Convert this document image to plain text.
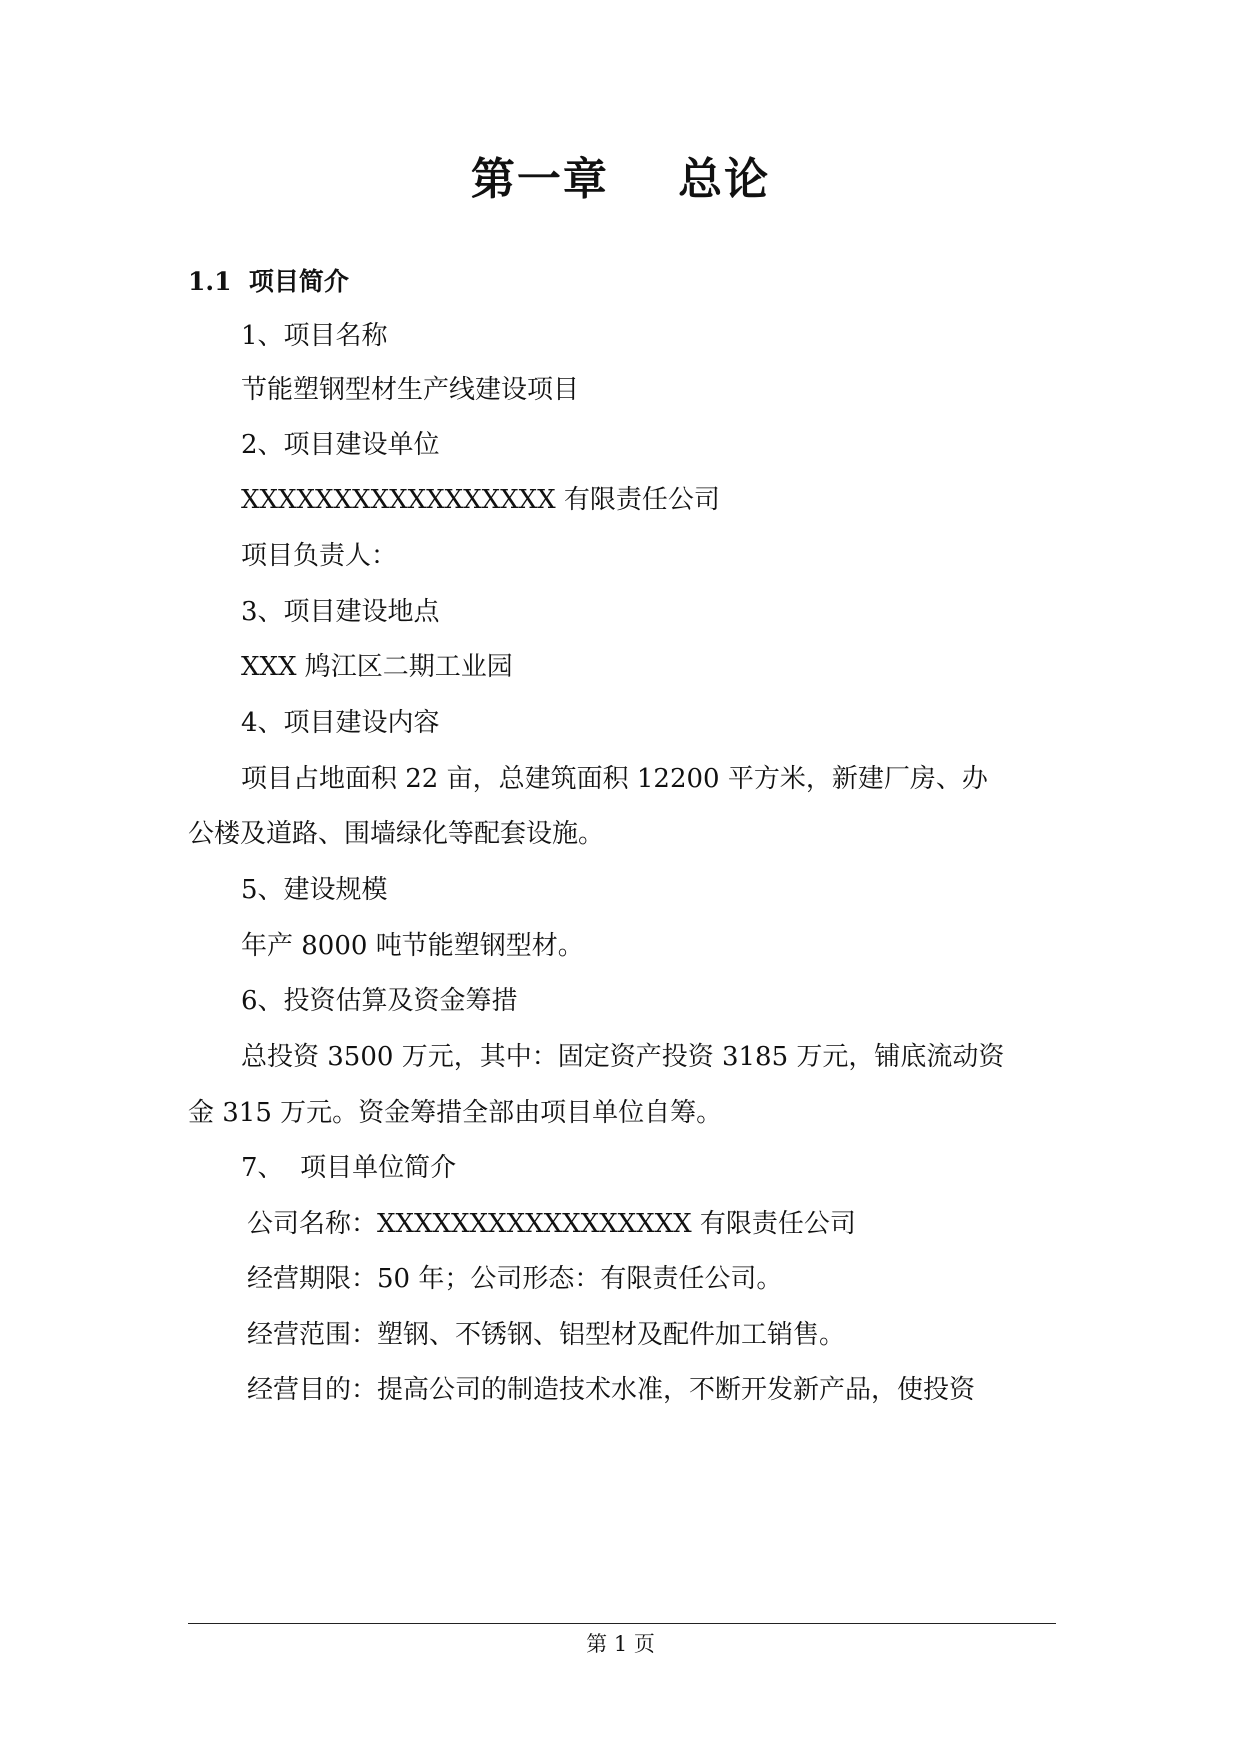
第一章    总论
1.1  项目简介
1、项目名称
节能塑钢型材生产线建设项目
2、项目建设单位
XXXXXXXXXXXXXXXXX 有限责任公司
项目负责人：
3、项目建设地点
XXX 鸠江区二期工业园
4、项目建设内容
项目占地面积 22 亩，总建筑面积 12200 平方米，新建厂房、办
公楼及道路、围墙绿化等配套设施。
5、建设规模
年产 8000 吨节能塑钢型材。
6、投资估算及资金筹措
总投资 3500 万元，其中：固定资产投资 3185 万元，铺底流动资
金 315 万元。资金筹措全部由项目单位自筹。
7、  项目单位简介
公司名称：XXXXXXXXXXXXXXXXX 有限责任公司
经营期限：50 年；公司形态：有限责任公司。
经营范围：塑钢、不锈钢、铝型材及配件加工销售。
经营目的：提高公司的制造技术水准，不断开发新产品，使投资
第 1 页
